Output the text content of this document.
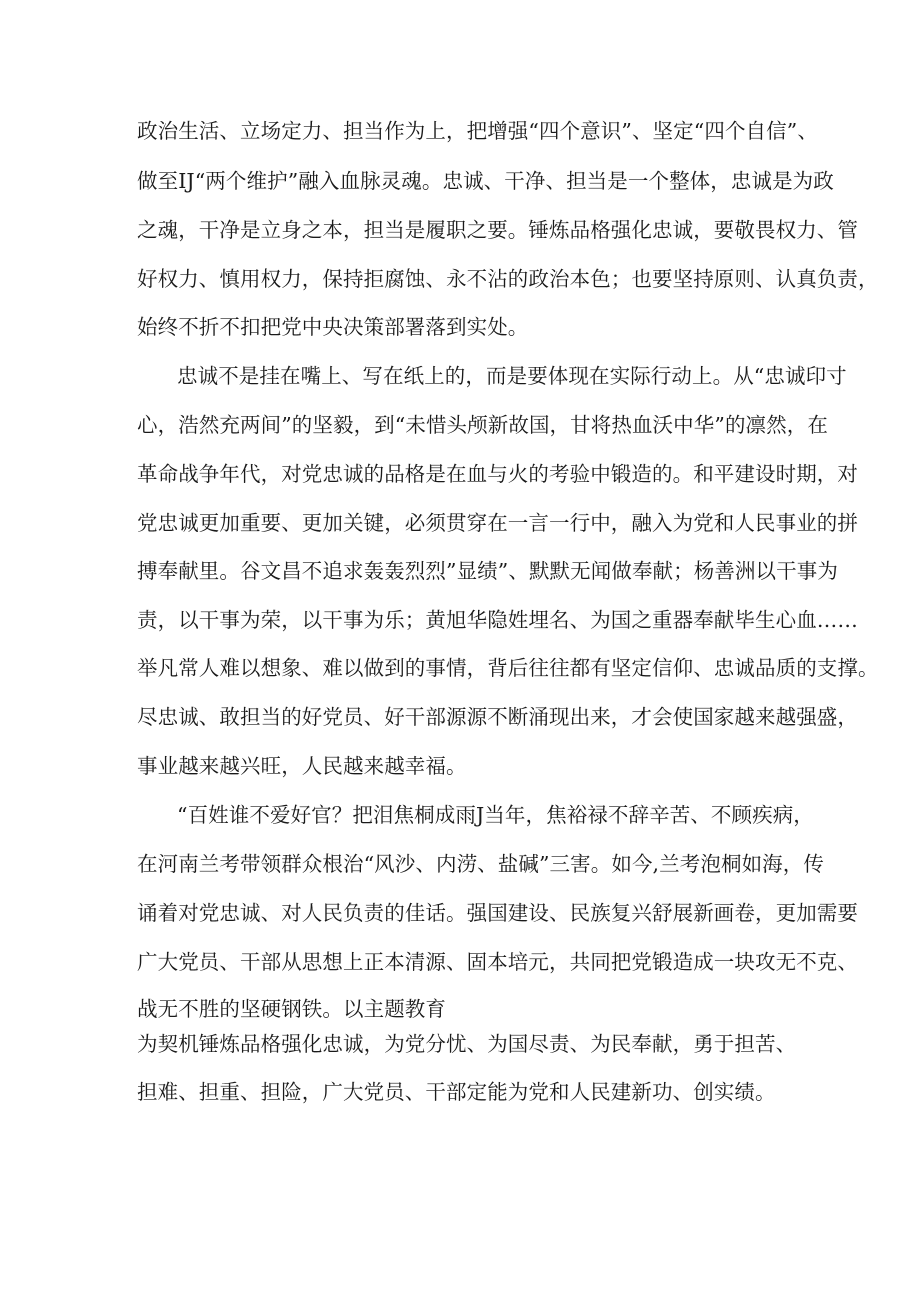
政治生活、立场定力、担当作为上，把增强“四个意识”、坚定“四个自信”、
做至IJ“两个维护”融入血脉灵魂。忠诚、干净、担当是一个整体，忠诚是为政
之魂，干净是立身之本，担当是履职之要。锤炼品格强化忠诚，要敬畏权力、管
好权力、慎用权力，保持拒腐蚀、永不沾的政治本色；也要坚持原则、认真负责，
始终不折不扣把党中央决策部署落到实处。
忠诚不是挂在嘴上、写在纸上的，而是要体现在实际行动上。从“忠诚印寸
心，浩然充两间”的坚毅，到“未惜头颅新故国，甘将热血沃中华”的凛然，在
革命战争年代，对党忠诚的品格是在血与火的考验中锻造的。和平建设时期，对
党忠诚更加重要、更加关键，必须贯穿在一言一行中，融入为党和人民事业的拼
搏奉献里。谷文昌不追求轰轰烈烈”显绩”、默默无闻做奉献；杨善洲以干事为
责，以干事为荣，以干事为乐；黄旭华隐姓埋名、为国之重器奉献毕生心血……
举凡常人难以想象、难以做到的事情，背后往往都有坚定信仰、忠诚品质的支撑。
尽忠诚、敢担当的好党员、好干部源源不断涌现出来，才会使国家越来越强盛，
事业越来越兴旺，人民越来越幸福。
“百姓谁不爱好官？把泪焦桐成雨J当年，焦裕禄不辞辛苦、不顾疾病，
在河南兰考带领群众根治“风沙、内涝、盐碱”三害。如今,兰考泡桐如海，传
诵着对党忠诚、对人民负责的佳话。强国建设、民族复兴舒展新画卷，更加需要
广大党员、干部从思想上正本清源、固本培元，共同把党锻造成一块攻无不克、
战无不胜的坚硬钢铁。以主题教育
为契机锤炼品格强化忠诚，为党分忧、为国尽责、为民奉献，勇于担苦、
担难、担重、担险，广大党员、干部定能为党和人民建新功、创实绩。
